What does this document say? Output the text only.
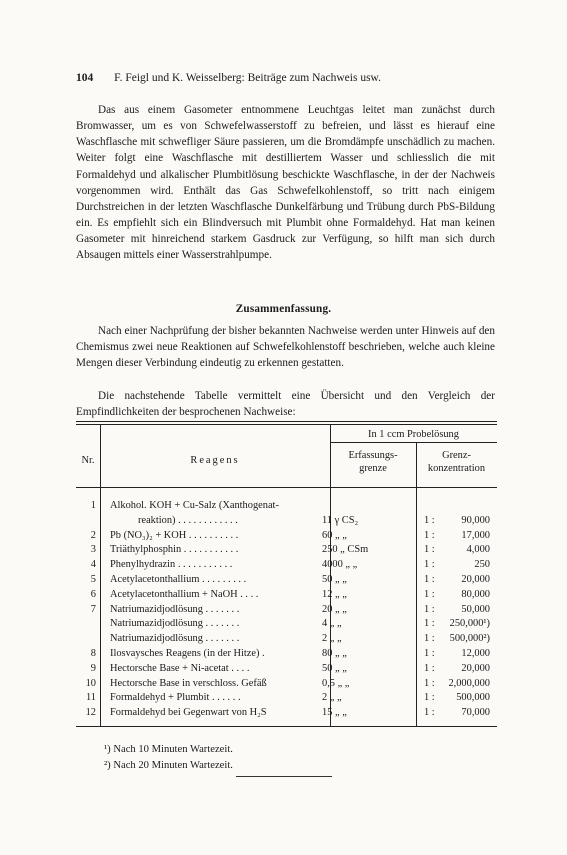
104 F. Feigl und K. Weisselberg: Beiträge zum Nachweis usw.

Das aus einem Gasometer entnommene Leuchtgas leitet man zunächst durch Bromwasser, um es von Schwefelwasserstoff zu befreien, und lässt es hierauf eine Waschflasche mit schwefliger Säure passieren, um die Bromdämpfe unschädlich zu machen. Weiter folgt eine Waschflasche mit destilliertem Wasser und schliesslich die mit Formaldehyd und alkalischer Plumbitlösung beschickte Waschflasche, in der der Nachweis vorgenommen wird. Enthält das Gas Schwefelkohlenstoff, so tritt nach einigem Durchstreichen in der letzten Waschflasche Dunkelfärbung und Trübung durch PbS-Bildung ein. Es empfiehlt sich ein Blindversuch mit Plumbit ohne Formaldehyd. Hat man keinen Gasometer mit hinreichend starkem Gasdruck zur Verfügung, so hilft man sich durch Absaugen mittels einer Wasserstrahlpumpe.

Zusammenfassung.

Nach einer Nachprüfung der bisher bekannten Nachweise werden unter Hinweis auf den Chemismus zwei neue Reaktionen auf Schwefelkohlenstoff beschrieben, welche auch kleine Mengen dieser Verbindung eindeutig zu erkennen gestatten.

Die nachstehende Tabelle vermittelt eine Übersicht und den Vergleich der Empfindlichkeiten der besprochenen Nachweise:

Nr.	Reagens
In 1 ccm Probelösung
Erfassungs-
grenze
Grenz-
konzentration
1 Alkohol. KOH + Cu-Salz (Xanthogenat-
reaktion) . . . . . . . . . . . .	11 γ CS₂	1 :	90,000
2 Pb (NO₃)₂ + KOH . . . . . . . . . .	60 „ „	1 :	17,000
3 Triäthylphosphin . . . . . . . . . . .	250 „ CSm	1 :	4,000
4 Phenylhydrazin . . . . . . . . . . .	4000 „ „	1 :	250
5 Acetylacetonthallium . . . . . . . . .	50 „ „	1 :	20,000
6 Acetylacetonthallium + NaOH . . . .	12 „ „	1 :	80,000
7 Natriumazidjodlösung . . . . . . .	20 „ „	1 :	50,000
Natriumazidjodlösung . . . . . . .	4 „ „	1 :	250,000¹)
Natriumazidjodlösung . . . . . . .	2 „ „	1 :	500,000²)
8 Ilosvaysches Reagens (in der Hitze) .	80 „ „	1 :	12,000
9 Hectorsche Base + Ni-acetat . . . .	50 „ „	1 :	20,000
10 Hectorsche Base in verschloss. Gefäß	0,5 „ „	1 :	2,000,000
11 Formaldehyd + Plumbit . . . . . .	2 „ „	1 :	500,000
12 Formaldehyd bei Gegenwart von H₂S	15 „ „	1 :	70,000
¹) Nach 10 Minuten Wartezeit.
²) Nach 20 Minuten Wartezeit.
